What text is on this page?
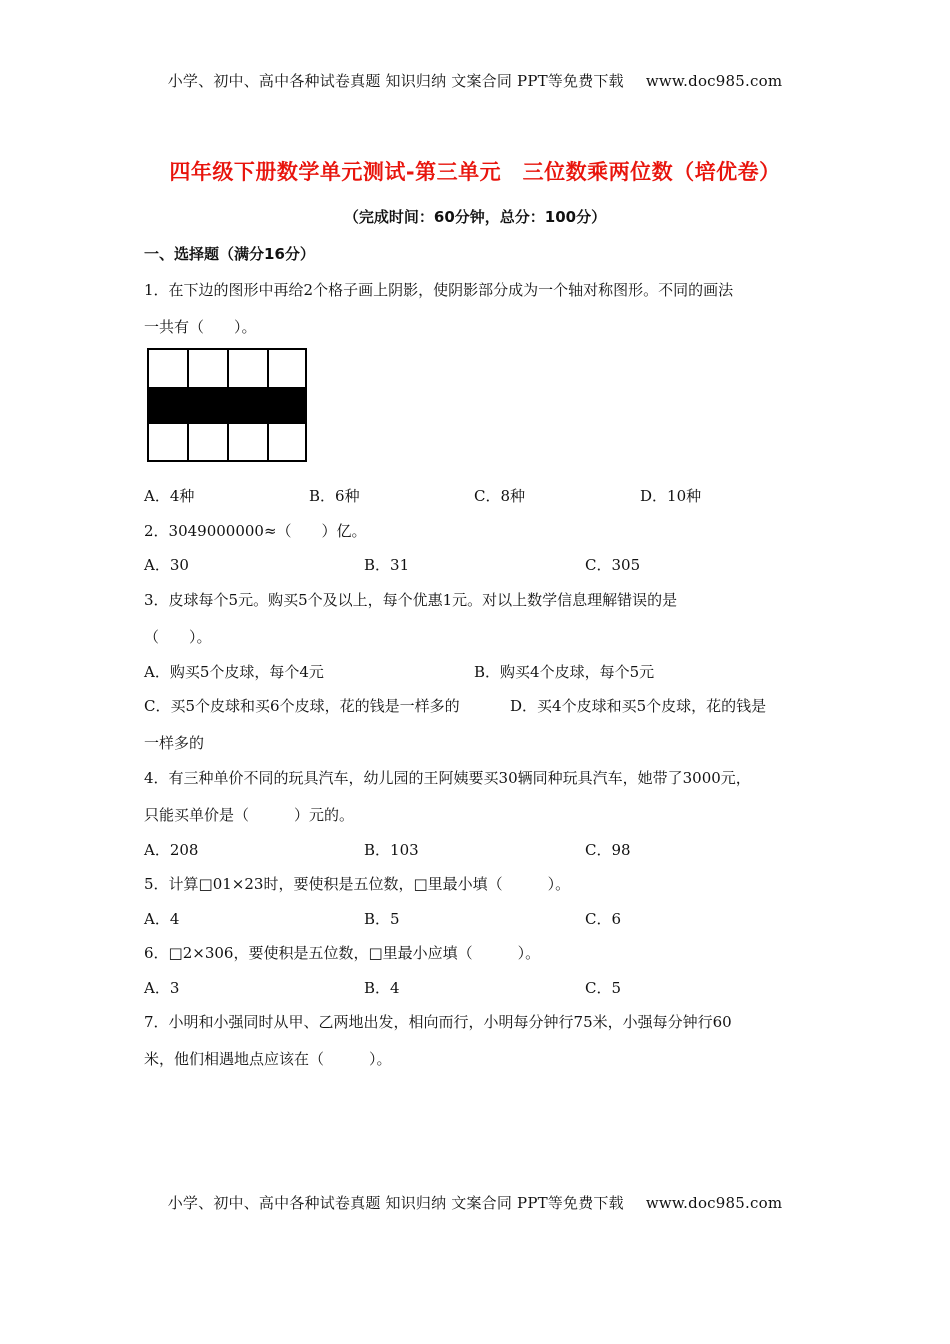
小学、初中、高中各种试卷真题 知识归纳 文案合同 PPT等免费下载 www.doc985.com
四年级下册数学单元测试-第三单元　三位数乘两位数（培优卷）
（完成时间：60分钟，总分：100分）
一、选择题（满分16分）
1．在下边的图形中再给2个格子画上阴影，使阴影部分成为一个轴对称图形。不同的画法
一共有（　　）。
A．4种	B．6种	C．8种	D．10种
2．3049000000≈（　　）亿。
A．30	B．31	C．305
3．皮球每个5元。购买5个及以上，每个优惠1元。对以上数学信息理解错误的是
（　　）。
A．购买5个皮球，每个4元	B．购买4个皮球，每个5元
C．买5个皮球和买6个皮球，花的钱是一样多的	D．买4个皮球和买5个皮球，花的钱是
一样多的
4．有三种单价不同的玩具汽车，幼儿园的王阿姨要买30辆同种玩具汽车，她带了3000元，
只能买单价是（　　　）元的。
A．208	B．103	C．98
5．计算□01×23时，要使积是五位数，□里最小填（　　　）。
A．4	B．5	C．6
6．□2×306，要使积是五位数，□里最小应填（　　　）。
A．3	B．4	C．5
7．小明和小强同时从甲、乙两地出发，相向而行，小明每分钟行75米，小强每分钟行60
米，他们相遇地点应该在（　　　）。
小学、初中、高中各种试卷真题 知识归纳 文案合同 PPT等免费下载 www.doc985.com
